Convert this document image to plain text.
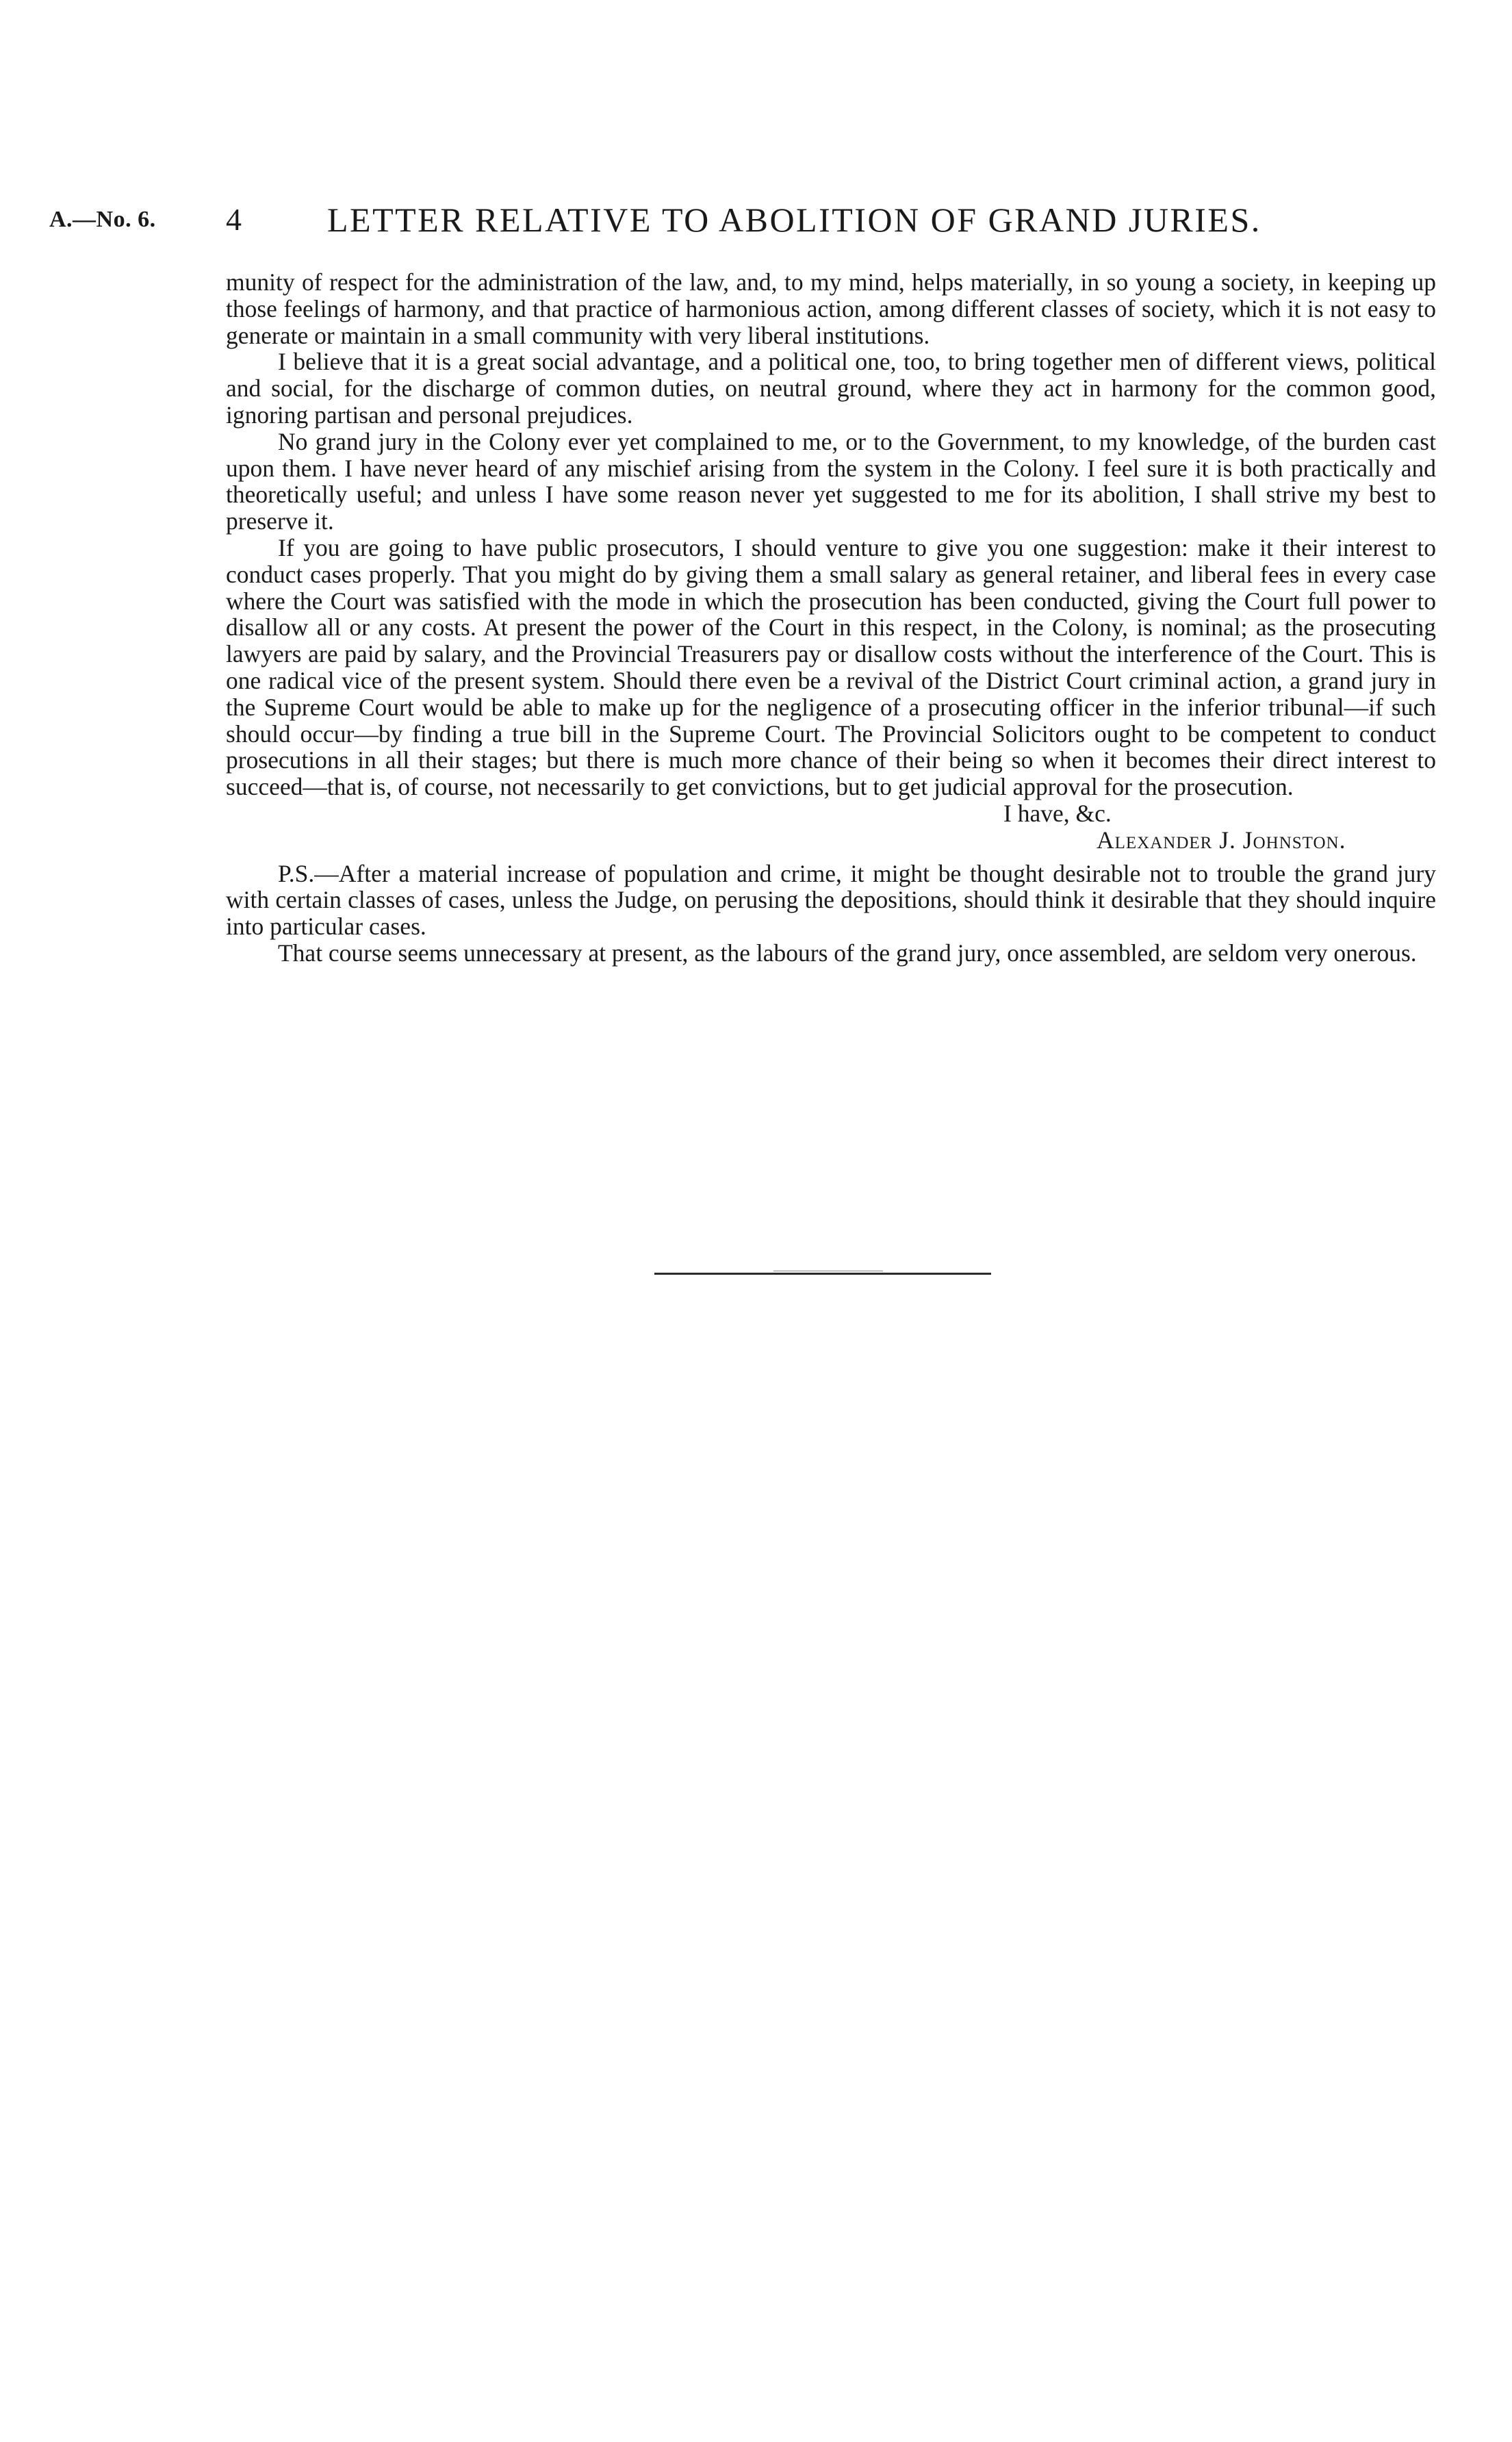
A.—No. 6. 4	LETTER RELATIVE TO ABOLITION OF GRAND JURIES.

munity of respect for the administration of the law, and, to my mind, helps materially, in so young a society, in keeping up those feelings of harmony, and that practice of harmonious action, among different classes of society, which it is not easy to generate or maintain in a small community with very liberal institutions.

I believe that it is a great social advantage, and a political one, too, to bring together men of different views, political and social, for the discharge of common duties, on neutral ground, where they act in harmony for the common good, ignoring partisan and personal prejudices.

No grand jury in the Colony ever yet complained to me, or to the Government, to my knowledge, of the burden cast upon them. I have never heard of any mischief arising from the system in the Colony. I feel sure it is both practically and theoretically useful; and unless I have some reason never yet suggested to me for its abolition, I shall strive my best to preserve it.

If you are going to have public prosecutors, I should venture to give you one suggestion: make it their interest to conduct cases properly. That you might do by giving them a small salary as general retainer, and liberal fees in every case where the Court was satisfied with the mode in which the prosecution has been conducted, giving the Court full power to disallow all or any costs. At present the power of the Court in this respect, in the Colony, is nominal; as the prosecuting lawyers are paid by salary, and the Provincial Treasurers pay or disallow costs without the interference of the Court. This is one radical vice of the present system. Should there even be a revival of the District Court criminal action, a grand jury in the Supreme Court would be able to make up for the negligence of a prosecuting officer in the inferior tribunal—if such should occur—by finding a true bill in the Supreme Court. The Provincial Solicitors ought to be competent to conduct prosecutions in all their stages; but there is much more chance of their being so when it becomes their direct interest to succeed—that is, of course, not necessarily to get convictions, but to get judicial approval for the prosecution.

I have, &c.

Alexander J. Johnston.

P.S.—After a material increase of population and crime, it might be thought desirable not to trouble the grand jury with certain classes of cases, unless the Judge, on perusing the depositions, should think it desirable that they should inquire into particular cases.

That course seems unnecessary at present, as the labours of the grand jury, once assembled, are seldom very onerous.
